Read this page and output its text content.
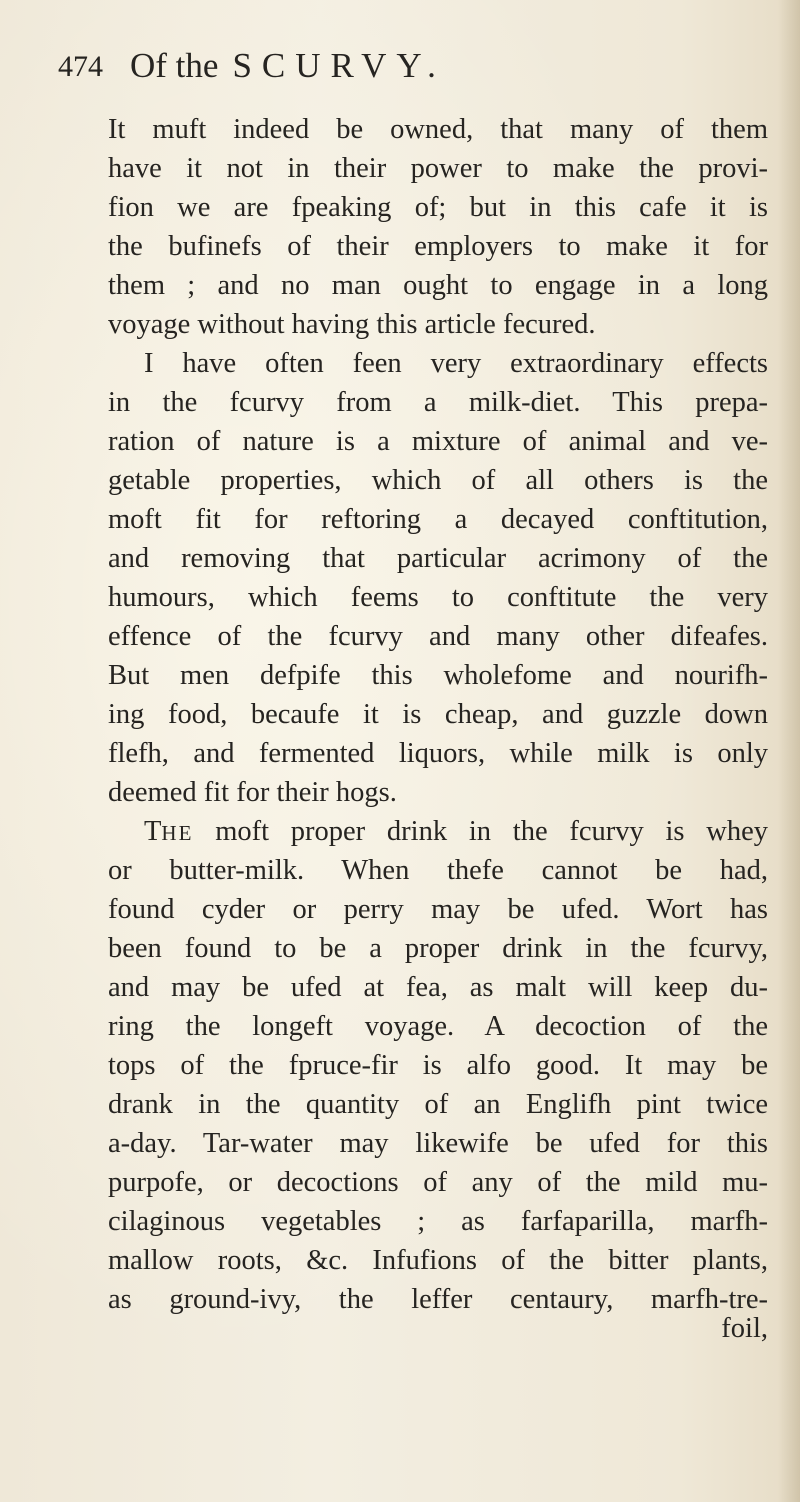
474 Of the SCURVY.
It muft indeed be owned, that many of them
have it not in their power to make the provi-
fion we are fpeaking of; but in this cafe it is
the bufinefs of their employers to make it for
them ; and no man ought to engage in a long
voyage without having this article fecured.
I have often feen very extraordinary effects
in the fcurvy from a milk-diet. This prepa-
ration of nature is a mixture of animal and ve-
getable properties, which of all others is the
moft fit for reftoring a decayed conftitution,
and removing that particular acrimony of the
humours, which feems to conftitute the very
effence of the fcurvy and many other difeafes.
But men defpife this wholefome and nourifh-
ing food, becaufe it is cheap, and guzzle down
flefh, and fermented liquors, while milk is only
deemed fit for their hogs.
THE moft proper drink in the fcurvy is whey
or butter-milk. When thefe cannot be had,
found cyder or perry may be ufed. Wort has
been found to be a proper drink in the fcurvy,
and may be ufed at fea, as malt will keep du-
ring the longeft voyage. A decoction of the
tops of the fpruce-fir is alfo good. It may be
drank in the quantity of an Englifh pint twice
a-day. Tar-water may likewife be ufed for this
purpofe, or decoctions of any of the mild mu-
cilaginous vegetables ; as farfaparilla, marfh-
mallow roots, &c. Infufions of the bitter plants,
as ground-ivy, the leffer centaury, marfh-tre-
foil,
